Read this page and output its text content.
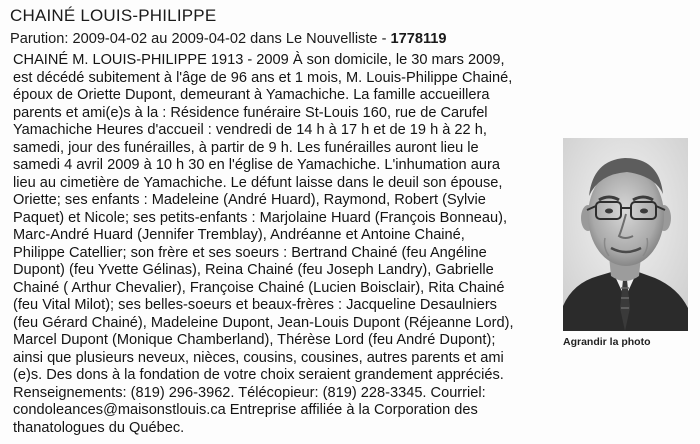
CHAINÉ LOUIS-PHILIPPE
Parution: 2009-04-02 au 2009-04-02 dans Le Nouvelliste - 1778119
CHAINÉ M. LOUIS-PHILIPPE 1913 - 2009 À son domicile, le 30 mars 2009,
est décédé subitement à l'âge de 96 ans et 1 mois, M. Louis-Philippe Chainé,
époux de Oriette Dupont, demeurant à Yamachiche. La famille accueillera
parents et ami(e)s à la : Résidence funéraire St-Louis 160, rue de Carufel
Yamachiche Heures d'accueil : vendredi de 14 h à 17 h et de 19 h à 22 h,
samedi, jour des funérailles, à partir de 9 h. Les funérailles auront lieu le
samedi 4 avril 2009 à 10 h 30 en l'église de Yamachiche. L'inhumation aura
lieu au cimetière de Yamachiche. Le défunt laisse dans le deuil son épouse,
Oriette; ses enfants : Madeleine (André Huard), Raymond, Robert (Sylvie
Paquet) et Nicole; ses petits-enfants : Marjolaine Huard (François Bonneau),
Marc-André Huard (Jennifer Tremblay), Andréanne et Antoine Chainé,
Philippe Catellier; son frère et ses soeurs : Bertrand Chainé (feu Angéline
Dupont) (feu Yvette Gélinas), Reina Chainé (feu Joseph Landry), Gabrielle
Chainé ( Arthur Chevalier), Françoise Chainé (Lucien Boisclair), Rita Chainé
(feu Vital Milot); ses belles-soeurs et beaux-frères : Jacqueline Desaulniers
(feu Gérard Chainé), Madeleine Dupont, Jean-Louis Dupont (Réjeanne Lord),
Marcel Dupont (Monique Chamberland), Thérèse Lord (feu André Dupont);
ainsi que plusieurs neveux, nièces, cousins, cousines, autres parents et ami
(e)s. Des dons à la fondation de votre choix seraient grandement appréciés.
Renseignements: (819) 296-3962. Télécopieur: (819) 228-3345. Courriel:
condoleances@maisonstlouis.ca Entreprise affiliée à la Corporation des
thanatologues du Québec.
Agrandir la photo
